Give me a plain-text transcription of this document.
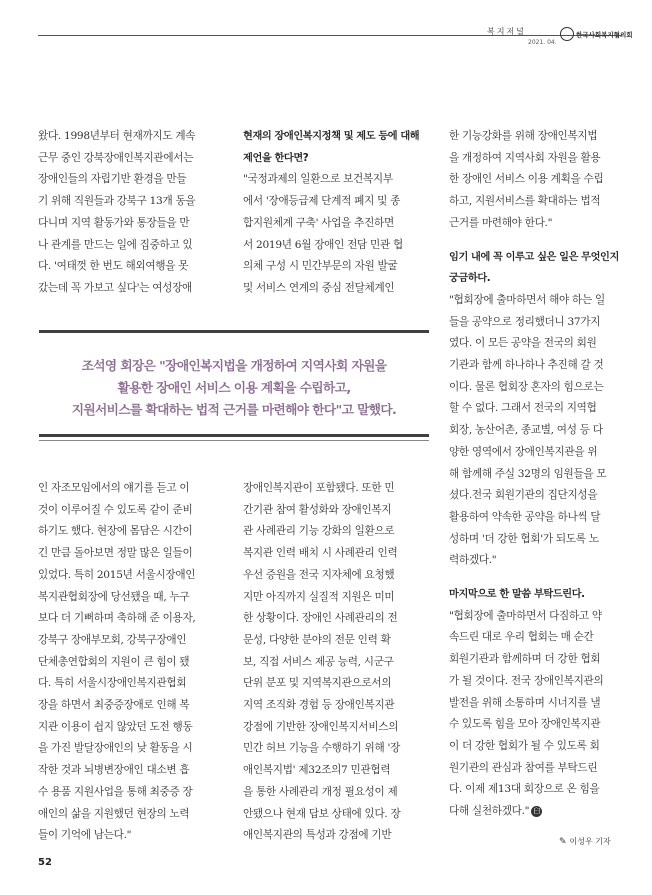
복지저널
2021. 04.
한국사회복지협의회

왔다. 1998년부터 현재까지도 계속

근무 중인 강북장애인복지관에서는

장애인들의 자립기반 환경을 만들

기 위해 직원들과 강북구 13개 동을

다니며 지역 활동가와 통장들을 만

나 관계를 만드는 일에 집중하고 있

다. '여태껏 한 번도 해외여행을 못

갔는데 꼭 가보고 싶다'는 여성장애

현재의 장애인복지정책 및 제도 등에 대해
제언을 한다면?

"국정과제의 일환으로 보건복지부

에서 '장애등급제 단계적 폐지 및 종

합지원체계 구축' 사업을 추진하면

서 2019년 6월 장애인 전담 민관 협

의체 구성 시 민간부문의 자원 발굴

및 서비스 연계의 중심 전달체계인

조석영 회장은 "장애인복지법을 개정하여 지역사회 자원을
활용한 장애인 서비스 이용 계획을 수립하고,
지원서비스를 확대하는 법적 근거를 마련해야 한다"고 말했다.

인 자조모임에서의 얘기를 듣고 이

것이 이루어질 수 있도록 같이 준비

하기도 했다. 현장에 몸담은 시간이

긴 만큼 돌아보면 정말 많은 일들이

있었다. 특히 2015년 서울시장애인

복지관협회장에 당선됐을 때, 누구

보다 더 기뻐하며 축하해 준 이용자,

강북구 장애부모회, 강북구장애인

단체총연합회의 지원이 큰 힘이 됐

다. 특히 서울시장애인복지관협회

장을 하면서 최중증장애로 인해 복

지관 이용이 쉽지 않았던 도전 행동

을 가진 발달장애인의 낮 활동을 시

작한 것과 뇌병변장애인 대소변 흡

수 용품 지원사업을 통해 최중증 장

애인의 삶을 지원했던 현장의 노력

들이 기억에 남는다."

장애인복지관이 포함됐다. 또한 민

간기관 참여 활성화와 장애인복지

관 사례관리 기능 강화의 일환으로

복지관 인력 배치 시 사례관리 인력

우선 증원을 전국 지자체에 요청했

지만 아직까지 실질적 지원은 미미

한 상황이다. 장애인 사례관리의 전

문성, 다양한 분야의 전문 인력 확

보, 직접 서비스 제공 능력, 시군구

단위 분포 및 지역복지관으로서의

지역 조직화 경험 등 장애인복지관

강점에 기반한 장애인복지서비스의

민간 허브 기능을 수행하기 위해 '장

애인복지법' 제32조의7 민관협력

을 통한 사례관리 개정 필요성이 제

안됐으나 현재 답보 상태에 있다. 장

애인복지관의 특성과 강점에 기반

한 기능강화를 위해 장애인복지법

을 개정하여 지역사회 자원을 활용

한 장애인 서비스 이용 계획을 수립

하고, 지원서비스를 확대하는 법적

근거를 마련해야 한다."

임기 내에 꼭 이루고 싶은 일은 무엇인지
궁금하다.

"협회장에 출마하면서 해야 하는 일

들을 공약으로 정리했더니 37가지

였다. 이 모든 공약을 전국의 회원

기관과 함께 하나하나 추진해 갈 것

이다. 물론 협회장 혼자의 힘으로는

할 수 없다. 그래서 전국의 지역협

회장, 농산어촌, 종교별, 여성 등 다

양한 영역에서 장애인복지관을 위

해 함께해 주실 32명의 임원들을 모

셨다.전국 회원기관의 집단지성을

활용하여 약속한 공약을 하나씩 달

성하며 '더 강한 협회'가 되도록 노

력하겠다."

마지막으로 한 말씀 부탁드린다.

"협회장에 출마하면서 다짐하고 약

속드린 대로 우리 협회는 매 순간

회원기관과 함께하며 더 강한 협회

가 될 것이다. 전국 장애인복지관의

발전을 위해 소통하며 시너지를 낼

수 있도록 힘을 모아 장애인복지관

이 더 강한 협회가 될 수 있도록 회

원기관의 관심과 참여를 부탁드린

다. 이제 제13대 회장으로 온 힘을

다해 실천하겠다." 臼

✎ 이성우 기자
52
